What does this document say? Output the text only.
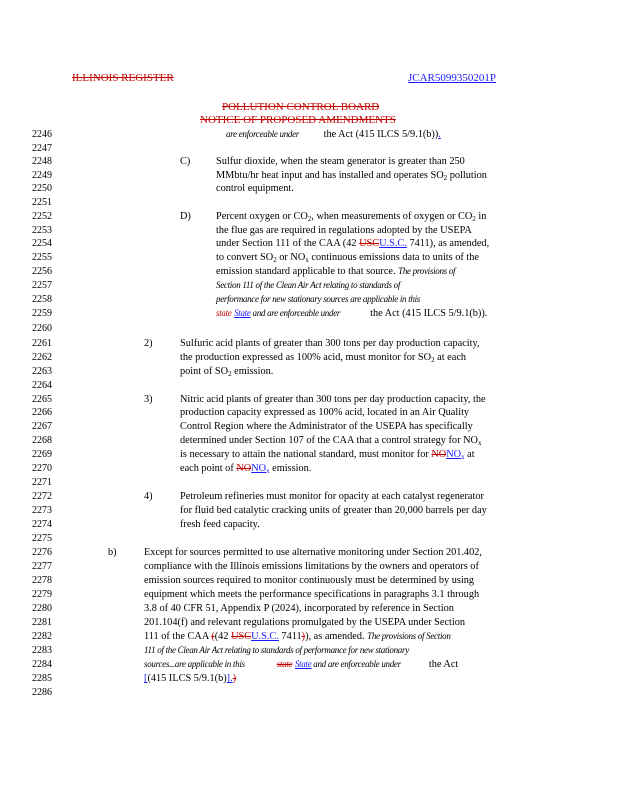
ILLINOIS REGISTER	JCAR5099350201P
POLLUTION CONTROL BOARD
NOTICE OF PROPOSED AMENDMENTS
2246
2247
2248
2249
2250
2251
2252
2253
2254
2255
2256
2257
2258
2259
2260
2261
2262
2263
2264
2265
2266
2267
2268
2269
2270
2271
2272
2273
2274
2275
2276
2277
2278
2279
2280
2281
2282
2283
2284
2285
2286
are enforceable under the Act (415 ILCS 5/9.1(b)).
C) Sulfur dioxide, when the steam generator is greater than 250
MMbtu/hr heat input and has installed and operates $SO_2$ pollution
control equipment.
D) Percent oxygen or $CO_2$, when measurements of oxygen or $CO_2$ in
the flue gas are required in regulations adopted by the USEPA
under Section 111 of the CAA (42 USCU.S.C. 7411), as amended,
to convert $SO_2$ or $NO_x$ continuous emissions data to units of the
emission standard applicable to that source. The provisions of
Section 111 of the Clean Air Act relating to standards of
performance for new stationary sources are applicable in this
state State and are enforceable under	the Act (415 ILCS 5/9.1(b)).
2)	Sulfuric acid plants of greater than 300 tons per day production capacity,
the production expressed as 100% acid, must monitor for $SO_2$ at each
point of $SO_2$ emission.
3)	Nitric acid plants of greater than 300 tons per day production capacity, the
production capacity expressed as 100% acid, located in an Air Quality
Control Region where the Administrator of the USEPA has specifically
determined under Section 107 of the CAA that a control strategy for $NO_x$
is necessary to attain the national standard, must monitor for $NONO_x$ at
each point of $NONO_x$ emission.
4)	Petroleum refineries must monitor for opacity at each catalyst regenerator
for fluid bed catalytic cracking units of greater than 20,000 barrels per day
fresh feed capacity.
b)	Except for sources permitted to use alternative monitoring under Section 201.402,
compliance with the Illinois emissions limitations by the owners and operators of
emission sources required to monitor continuously must be determined by using
equipment which meets the performance specifications in paragraphs 3.1 through
3.8 of 40 CFR 51, Appendix P (2024), incorporated by reference in Section
201.104(f) and relevant regulations promulgated by the USEPA under Section
111 of the CAA ((42 USCU.S.C. 7411)), as amended. The provisions of Section
111 of the Clean Air Act relating to standards of performance for new stationary
sources...are applicable in this	state State and are enforceable under	the Act
[(415 ILCS 5/9.1(b)].)
